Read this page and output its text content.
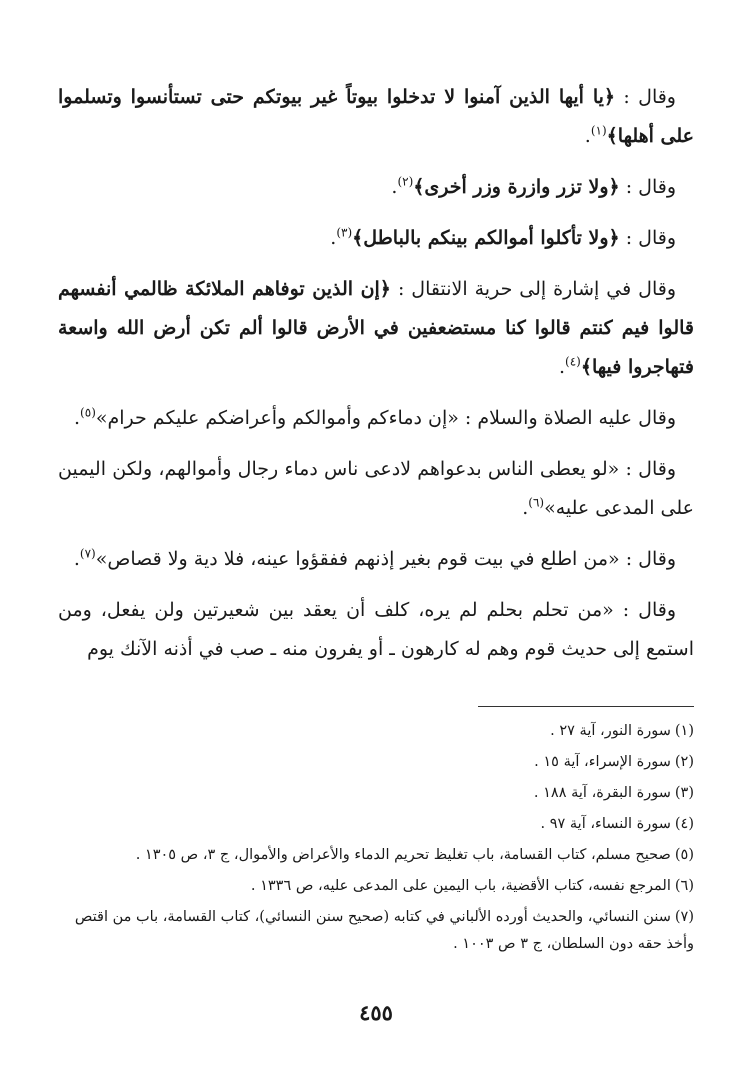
وقال : ﴿يا أيها الذين آمنوا لا تدخلوا بيوتاً غير بيوتكم حتى تستأنسوا وتسلموا على أهلها﴾$^{(١)}$.

وقال : ﴿ولا تزر وازرة وزر أخرى﴾$^{(٢)}$.

وقال : ﴿ولا تأكلوا أموالكم بينكم بالباطل﴾$^{(٣)}$.

وقال في إشارة إلى حرية الانتقال : ﴿إن الذين توفاهم الملائكة ظالمي أنفسهم قالوا فيم كنتم قالوا كنا مستضعفين في الأرض قالوا ألم تكن أرض الله واسعة فتهاجروا فيها﴾$^{(٤)}$.

وقال عليه الصلاة والسلام : «إن دماءكم وأموالكم وأعراضكم عليكم حرام»$^{(٥)}$.

وقال : «لو يعطى الناس بدعواهم لادعى ناس دماء رجال وأموالهم، ولكن اليمين على المدعى عليه»$^{(٦)}$.

وقال : «من اطلع في بيت قوم بغير إذنهم ففقؤوا عينه، فلا دية ولا قصاص»$^{(٧)}$.

وقال : «من تحلم بحلم لم يره، كلف أن يعقد بين شعيرتين ولن يفعل، ومن استمع إلى حديث قوم وهم له كارهون ـ أو يفرون منه ـ صب في أذنه الآنك يوم

(١)سورة النور، آية ٢٧ .

(٢)سورة الإسراء، آية ١٥ .

(٣)سورة البقرة، آية ١٨٨ .

(٤)سورة النساء، آية ٩٧ .

(٥)صحيح مسلم، كتاب القسامة، باب تغليظ تحريم الدماء والأعراض والأموال، ج ٣، ص ١٣٠٥ .

(٦)المرجع نفسه، كتاب الأقضية، باب اليمين على المدعى عليه، ص ١٣٣٦ .

(٧)سنن النسائي، والحديث أورده الألباني في كتابه (صحيح سنن النسائي)، كتاب القسامة، باب من اقتص وأخذ حقه دون السلطان، ج ٣ ص ١٠٠٣ .

٤٥٥
